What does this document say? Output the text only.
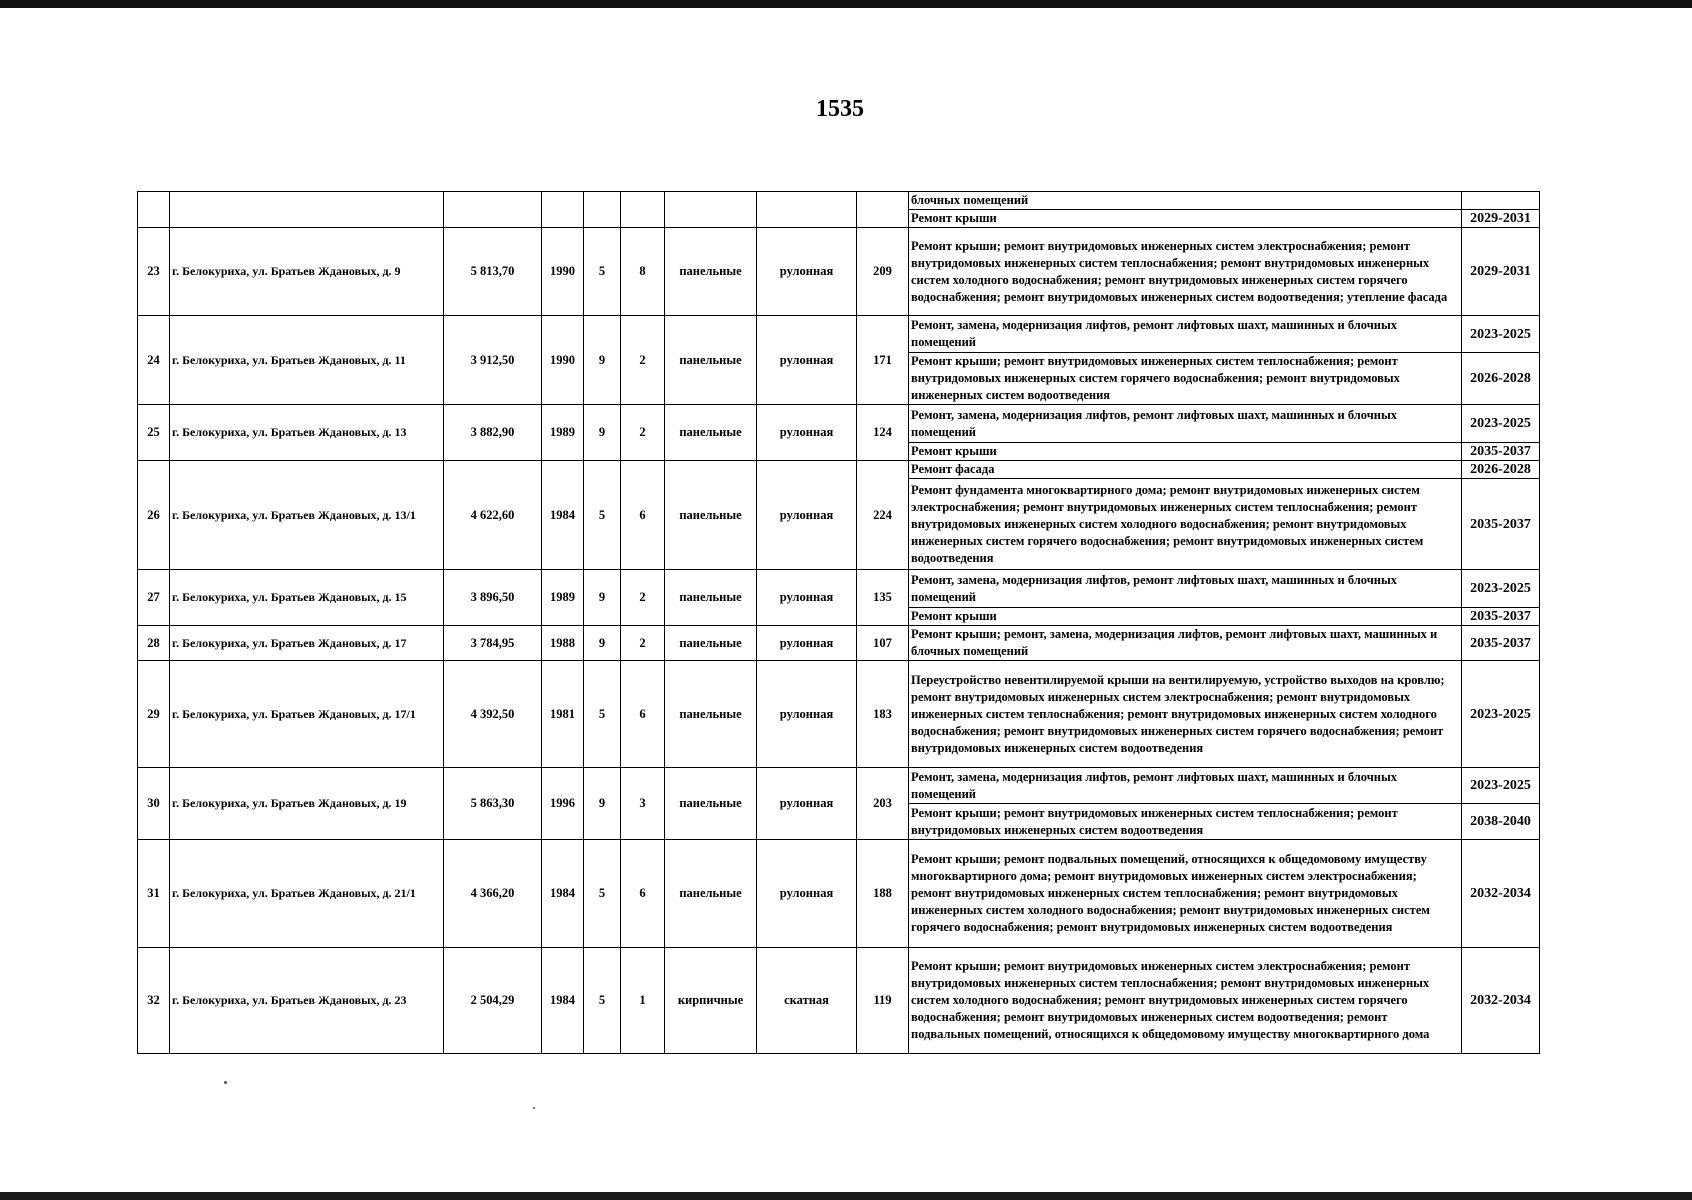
1535
									блочных помещений	
									Ремонт крыши	2029-2031
23	г. Белокуриха, ул. Братьев Ждановых, д. 9	5 813,70	1990	5	8	панельные	рулонная	209	Ремонт крыши; ремонт внутридомовых инженерных систем электроснабжения; ремонт внутридомовых инженерных систем теплоснабжения; ремонт внутридомовых инженерных систем холодного водоснабжения; ремонт внутридомовых инженерных систем горячего водоснабжения; ремонт внутридомовых инженерных систем водоотведения; утепление фасада	2029-2031
24	г. Белокуриха, ул. Братьев Ждановых, д. 11	3 912,50	1990	9	2	панельные	рулонная	171	Ремонт, замена, модернизация лифтов, ремонт лифтовых шахт, машинных и блочных помещений	2023-2025
									Ремонт крыши; ремонт внутридомовых инженерных систем теплоснабжения; ремонт внутридомовых инженерных систем горячего водоснабжения; ремонт внутридомовых инженерных систем водоотведения	2026-2028
25	г. Белокуриха, ул. Братьев Ждановых, д. 13	3 882,90	1989	9	2	панельные	рулонная	124	Ремонт, замена, модернизация лифтов, ремонт лифтовых шахт, машинных и блочных помещений	2023-2025
									Ремонт крыши	2035-2037
26	г. Белокуриха, ул. Братьев Ждановых, д. 13/1	4 622,60	1984	5	6	панельные	рулонная	224	Ремонт фасада	2026-2028
									Ремонт фундамента многоквартирного дома; ремонт внутридомовых инженерных систем электроснабжения; ремонт внутридомовых инженерных систем теплоснабжения; ремонт внутридомовых инженерных систем холодного водоснабжения; ремонт внутридомовых инженерных систем горячего водоснабжения; ремонт внутридомовых инженерных систем водоотведения	2035-2037
27	г. Белокуриха, ул. Братьев Ждановых, д. 15	3 896,50	1989	9	2	панельные	рулонная	135	Ремонт, замена, модернизация лифтов, ремонт лифтовых шахт, машинных и блочных помещений	2023-2025
									Ремонт крыши	2035-2037
28	г. Белокуриха, ул. Братьев Ждановых, д. 17	3 784,95	1988	9	2	панельные	рулонная	107	Ремонт крыши; ремонт, замена, модернизация лифтов, ремонт лифтовых шахт, машинных и блочных помещений	2035-2037
29	г. Белокуриха, ул. Братьев Ждановых, д. 17/1	4 392,50	1981	5	6	панельные	рулонная	183	Переустройство невентилируемой крыши на вентилируемую, устройство выходов на кровлю; ремонт внутридомовых инженерных систем электроснабжения; ремонт внутридомовых инженерных систем теплоснабжения; ремонт внутридомовых инженерных систем холодного водоснабжения; ремонт внутридомовых инженерных систем горячего водоснабжения; ремонт внутридомовых инженерных систем водоотведения	2023-2025
30	г. Белокуриха, ул. Братьев Ждановых, д. 19	5 863,30	1996	9	3	панельные	рулонная	203	Ремонт, замена, модернизация лифтов, ремонт лифтовых шахт, машинных и блочных помещений	2023-2025
									Ремонт крыши; ремонт внутридомовых инженерных систем теплоснабжения; ремонт внутридомовых инженерных систем водоотведения	2038-2040
31	г. Белокуриха, ул. Братьев Ждановых, д. 21/1	4 366,20	1984	5	6	панельные	рулонная	188	Ремонт крыши; ремонт подвальных помещений, относящихся к общедомовому имуществу многоквартирного дома; ремонт внутридомовых инженерных систем электроснабжения; ремонт внутридомовых инженерных систем теплоснабжения; ремонт внутридомовых инженерных систем холодного водоснабжения; ремонт внутридомовых инженерных систем горячего водоснабжения; ремонт внутридомовых инженерных систем водоотведения	2032-2034
32	г. Белокуриха, ул. Братьев Ждановых, д. 23	2 504,29	1984	5	1	кирпичные	скатная	119	Ремонт крыши; ремонт внутридомовых инженерных систем электроснабжения; ремонт внутридомовых инженерных систем теплоснабжения; ремонт внутридомовых инженерных систем холодного водоснабжения; ремонт внутридомовых инженерных систем горячего водоснабжения; ремонт внутридомовых инженерных систем водоотведения; ремонт подвальных помещений, относящихся к общедомовому имуществу многоквартирного дома	2032-2034
